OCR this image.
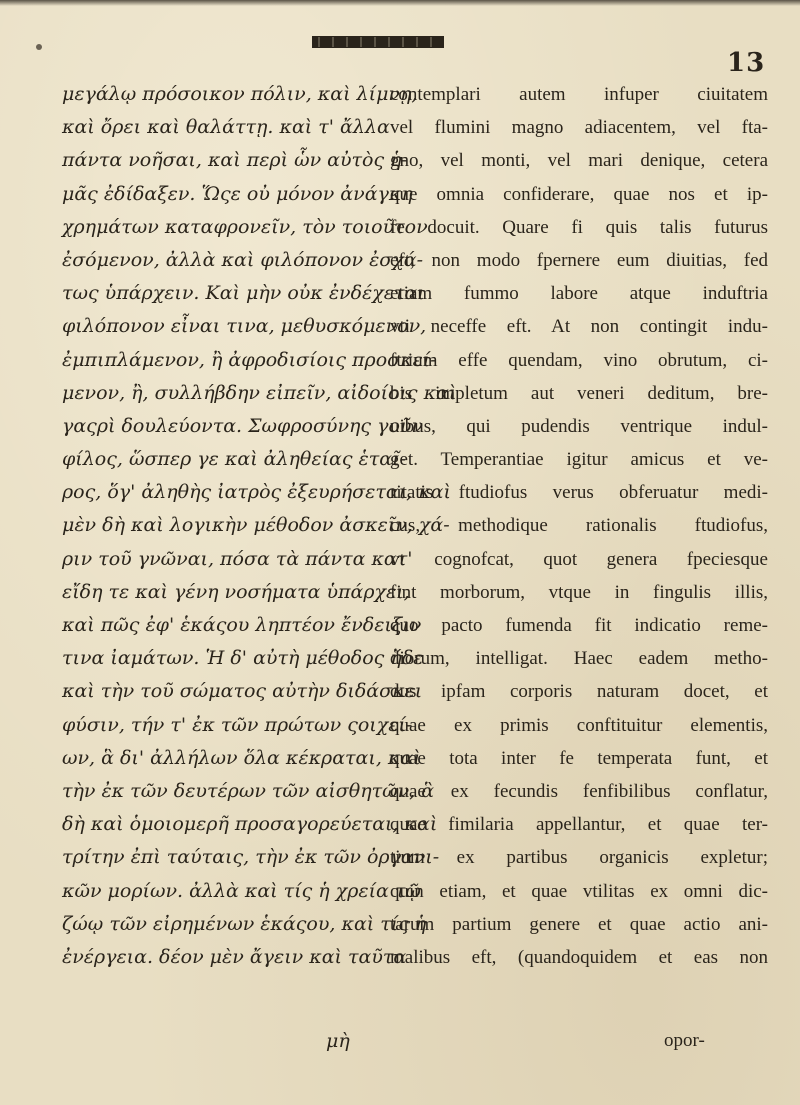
13
μεγάλῳ πρόσοικον πόλιν, καὶ λίμνῃ,
καὶ ὄρει καὶ θαλάττῃ. καὶ τ' ἄλλα
πάντα νοῆσαι, καὶ περὶ ὧν αὐτὸς ἡ-
μᾶς ἐδίδαξεν. Ὥςε οὐ μόνον ἀνάγκη
χρημάτων καταφρονεῖν, τὸν τοιοῦτον
ἐσόμενον, ἀλλὰ καὶ φιλόπονον ἐσχά-
τως ὑπάρχειν. Καὶ μὴν οὐκ ἐνδέχεται
φιλόπονον εἶναι τινα, μεθυσκόμενον,
ἐμπιπλάμενον, ἢ ἀφροδισίοις προσκεί-
μενον, ἢ, συλλήβδην εἰπεῖν, αἰδοίοις καὶ
γαςρὶ δουλεύοντα. Σωφροσύνης γοῦν
φίλος, ὥσπερ γε καὶ ἀληθείας ἑταῖ-
ρος, ὅγ' ἀληθὴς ἰατρὸς ἐξευρήσεται, καὶ
μὲν δὴ καὶ λογικὴν μέθοδον ἀσκεῖν, χά-
ριν τοῦ γνῶναι, πόσα τὰ πάντα κατ'
εἴδη τε καὶ γένη νοσήματα ὑπάρχει,
καὶ πῶς ἐφ' ἑκάςου ληπτέον ἔνδειξιν
τινα ἰαμάτων. Ἡ δ' αὐτὴ μέθοδος ἥδε
καὶ τὴν τοῦ σώματος αὐτὴν διδάσκει
φύσιν, τήν τ' ἐκ τῶν πρώτων ςοιχεί-
ων, ἃ δι' ἀλλήλων ὅλα κέκραται, καὶ
τὴν ἐκ τῶν δευτέρων τῶν αἰσθητῶν, ἃ
δὴ καὶ ὁμοιομερῆ προσαγορεύεται, καὶ
τρίτην ἐπὶ ταύταις, τὴν ἐκ τῶν ὀργανι-
κῶν μορίων. ἀλλὰ καὶ τίς ἡ χρεία τῷ
ζώῳ τῶν εἰρημένων ἑκάςου, καὶ τίς ἡ
ἐνέργεια. δέον μὲν ἄγειν καὶ ταῦτα
contemplari autem infuper ciuitatem
vel flumini magno adiacentem, vel fta-
gno, vel monti, vel mari denique, cetera
que omnia confiderare, quae nos et ip-
fe docuit. Quare fi quis talis futurus
eft, non modo fpernere eum diuitias, fed
etiam fummo labore atque induftria
vti neceffe eft. At non contingit indu-
ftrium effe quendam, vino obrutum, ci-
bis impletum aut veneri deditum, bre-
uibus, qui pudendis ventrique indul-
get. Temperantiae igitur amicus et ve-
ritatis ftudiofus verus obferuatur medi-
cus, methodique rationalis ftudiofus,
vt cognofcat, quot genera fpeciesque
fint morborum, vtque in fingulis illis,
quo pacto fumenda fit indicatio reme-
diorum, intelligat. Haec eadem metho-
dus ipfam corporis naturam docet, et
quae ex primis conftituitur elementis,
quae tota inter fe temperata funt, et
quae ex fecundis fenfibilibus conflatur,
quae fimilaria appellantur, et quae ter-
tium ex partibus organicis expletur;
quin etiam, et quae vtilitas ex omni dic-
tarum partium genere et quae actio ani-
malibus eft, (quandoquidem et eas non
μὴ	opor-
